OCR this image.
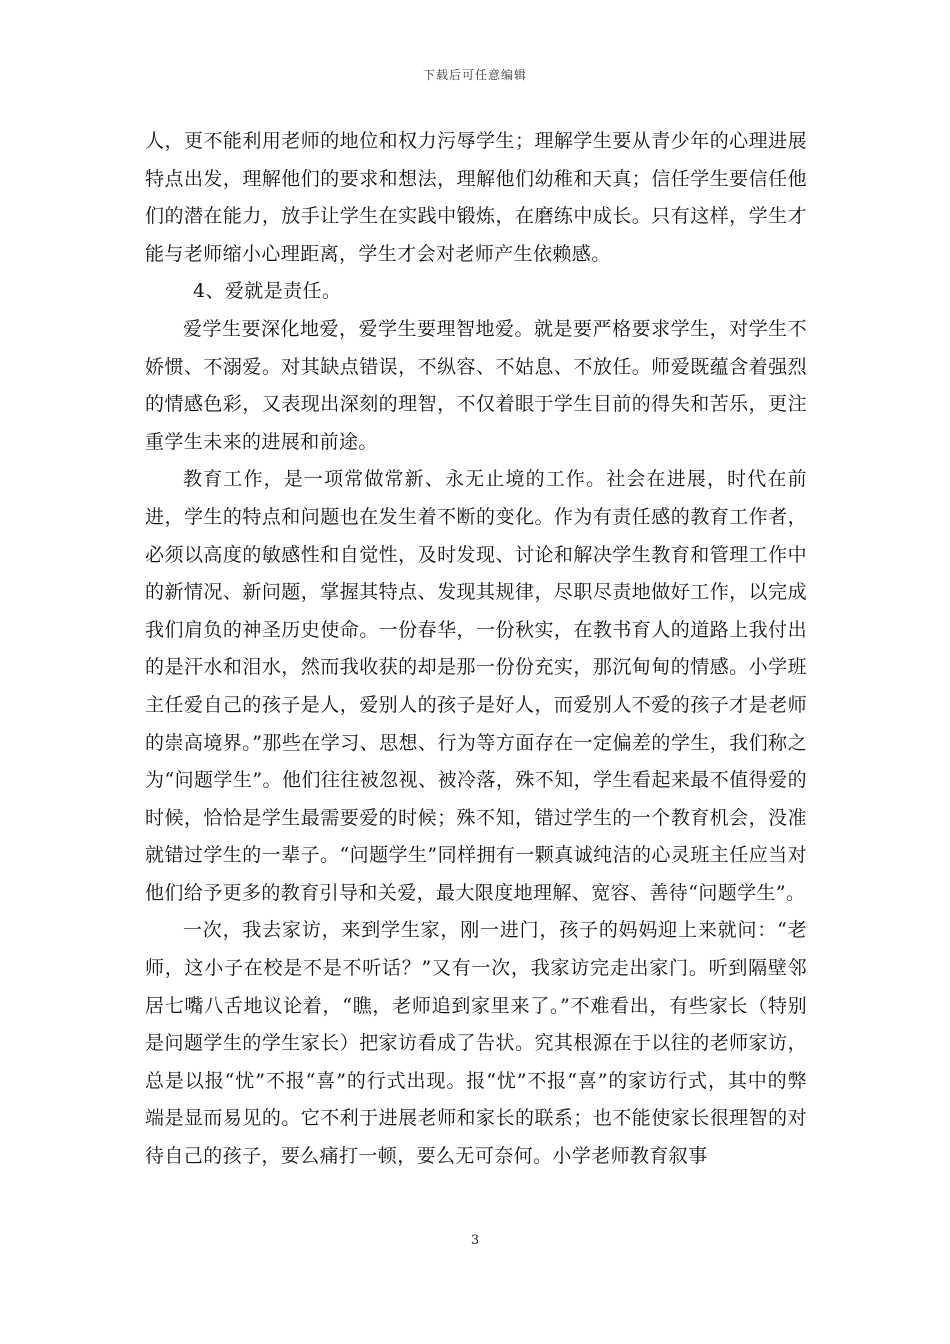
下载后可任意编辑

人，更不能利用老师的地位和权力污辱学生；理解学生要从青少年的心理进展特点出发，理解他们的要求和想法，理解他们幼稚和天真；信任学生要信任他们的潜在能力，放手让学生在实践中锻炼，在磨练中成长。只有这样，学生才能与老师缩小心理距离，学生才会对老师产生依赖感。

4、爱就是责任。

爱学生要深化地爱，爱学生要理智地爱。就是要严格要求学生，对学生不娇惯、不溺爱。对其缺点错误，不纵容、不姑息、不放任。师爱既蕴含着强烈的情感色彩，又表现出深刻的理智，不仅着眼于学生目前的得失和苦乐，更注重学生未来的进展和前途。

教育工作，是一项常做常新、永无止境的工作。社会在进展，时代在前进，学生的特点和问题也在发生着不断的变化。作为有责任感的教育工作者，必须以高度的敏感性和自觉性，及时发现、讨论和解决学生教育和管理工作中的新情况、新问题，掌握其特点、发现其规律，尽职尽责地做好工作，以完成我们肩负的神圣历史使命。一份春华，一份秋实，在教书育人的道路上我付出的是汗水和泪水，然而我收获的却是那一份份充实，那沉甸甸的情感。小学班主任爱自己的孩子是人，爱别人的孩子是好人，而爱别人不爱的孩子才是老师的崇高境界。”那些在学习、思想、行为等方面存在一定偏差的学生，我们称之为“问题学生”。他们往往被忽视、被冷落，殊不知，学生看起来最不值得爱的时候，恰恰是学生最需要爱的时候；殊不知，错过学生的一个教育机会，没准就错过学生的一辈子。“问题学生”同样拥有一颗真诚纯洁的心灵班主任应当对他们给予更多的教育引导和关爱，最大限度地理解、宽容、善待“问题学生”。

一次，我去家访，来到学生家，刚一进门，孩子的妈妈迎上来就问：“老师，这小子在校是不是不听话？”又有一次，我家访完走出家门。听到隔壁邻居七嘴八舌地议论着，“瞧，老师追到家里来了。”不难看出，有些家长（特别是问题学生的学生家长）把家访看成了告状。究其根源在于以往的老师家访，总是以报“忧”不报“喜”的行式出现。报“忧”不报“喜”的家访行式，其中的弊端是显而易见的。它不利于进展老师和家长的联系；也不能使家长很理智的对待自己的孩子，要么痛打一顿，要么无可奈何。小学老师教育叙事

3
